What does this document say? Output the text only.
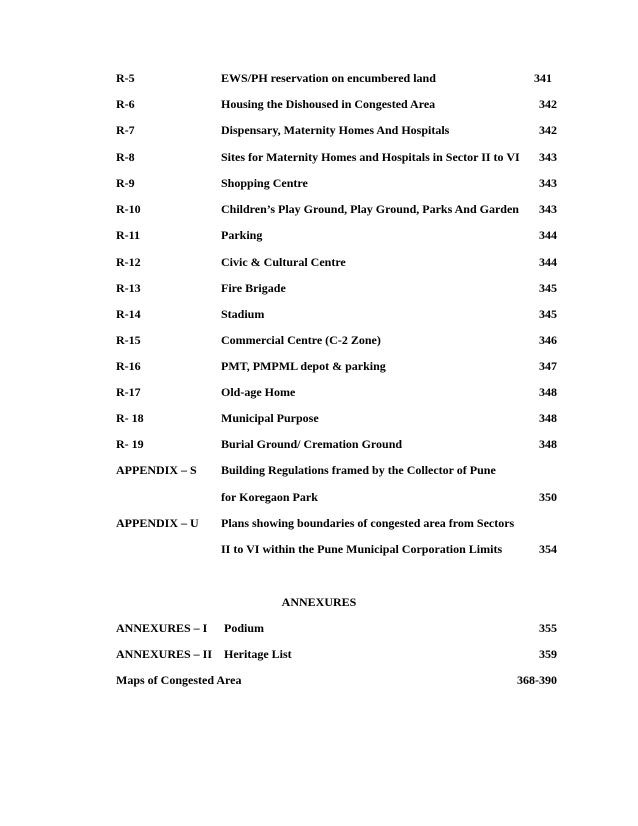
R-5	EWS/PH reservation on encumbered land	341
R-6	Housing the Dishoused in Congested Area	342
R-7	Dispensary, Maternity Homes And Hospitals	342
R-8	Sites for Maternity Homes and Hospitals in Sector II to VI 343
R-9	Shopping Centre	343
R-10	Children’s Play Ground, Play Ground, Parks And Garden 343
R-11	Parking	344
R-12	Civic & Cultural Centre	344
R-13	Fire Brigade	345
R-14	Stadium	345
R-15	Commercial Centre (C-2 Zone)	346
R-16	PMT, PMPML depot & parking	347
R-17	Old-age Home	348
R- 18	Municipal Purpose	348
R- 19	Burial Ground/ Cremation Ground	348
APPENDIX – S Building Regulations framed by the Collector of Pune
for Koregaon Park	350
APPENDIX – U Plans showing boundaries of congested area from Sectors
II to VI within the Pune Municipal Corporation Limits	354
ANNEXURES
ANNEXURES – I Podium	355
ANNEXURES – II Heritage List	359
Maps of Congested Area	368-390
